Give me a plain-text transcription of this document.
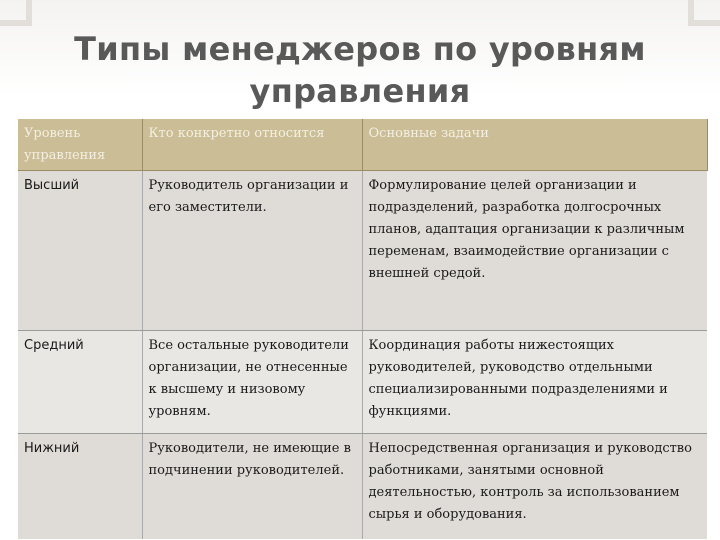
Типы менеджеров по уровням
управления
Уровень управления	Кто конкретно относится	Основные задачи
Высший	Руководитель организации и его заместители.	Формулирование целей организации и подразделений, разработка долгосрочных планов, адаптация организации к различным переменам, взаимодействие организации с внешней средой.
Средний	Все остальные руководители организации, не отнесенные к высшему и низовому уровням.	Координация работы нижестоящих руководителей, руководство отдельными специализированными подразделениями и функциями.
Нижний	Руководители, не имеющие в подчинении руководителей.	Непосредственная организация и руководство работниками, занятыми основной деятельностью, контроль за использованием сырья и оборудования.
